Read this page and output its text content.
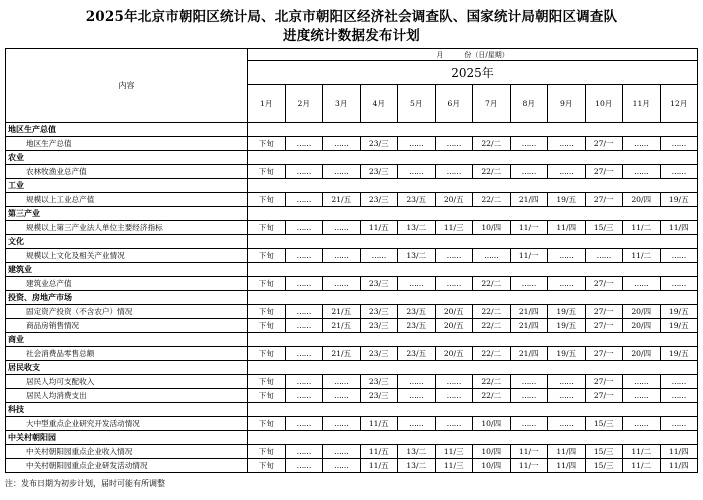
2025年北京市朝阳区统计局、北京市朝阳区经济社会调查队、国家统计局朝阳区调查队
进度统计数据发布计划
内容	月　　　份（日/星期）											
	2025年											
	1月	2月	3月	4月	5月	6月	7月	8月	9月	10月	11月	12月
地区生产总值												
地区生产总值	下旬	……	……	23/三	……	……	22/二	……	……	27/一	……	……
农业												
农林牧渔业总产值	下旬	……	……	23/三	……	……	22/二	……	……	27/一	……	……
工业												
规模以上工业总产值	下旬	……	21/五	23/三	23/五	20/五	22/二	21/四	19/五	27/一	20/四	19/五
第三产业												
规模以上第三产业法人单位主要经济指标	下旬	……	……	11/五	13/二	11/三	10/四	11/一	11/四	15/三	11/二	11/四
文化												
规模以上文化及相关产业情况	下旬	……	……	……	13/二	……	……	11/一	……	……	11/二	……
建筑业												
建筑业总产值	下旬	……	……	23/三	……	……	22/二	……	……	27/一	……	……
投资、房地产市场												
固定资产投资（不含农户）情况	下旬	……	21/五	23/三	23/五	20/五	22/二	21/四	19/五	27/一	20/四	19/五
商品房销售情况	下旬	……	21/五	23/三	23/五	20/五	22/二	21/四	19/五	27/一	20/四	19/五
商业												
社会消费品零售总额	下旬	……	21/五	23/三	23/五	20/五	22/二	21/四	19/五	27/一	20/四	19/五
居民收支												
居民人均可支配收入	下旬	……	……	23/三	……	……	22/二	……	……	27/一	……	……
居民人均消费支出	下旬	……	……	23/三	……	……	22/二	……	……	27/一	……	……
科技												
大中型重点企业研究开发活动情况	下旬	……	……	11/五	……	……	10/四	……	……	15/三	……	……
中关村朝阳园												
中关村朝阳园重点企业收入情况	下旬	……	……	11/五	13/二	11/三	10/四	11/一	11/四	15/三	11/二	11/四
中关村朝阳园重点企业研发活动情况	下旬	……	……	11/五	13/二	11/三	10/四	11/一	11/四	15/三	11/二	11/四
注：发布日期为初步计划，届时可能有所调整
